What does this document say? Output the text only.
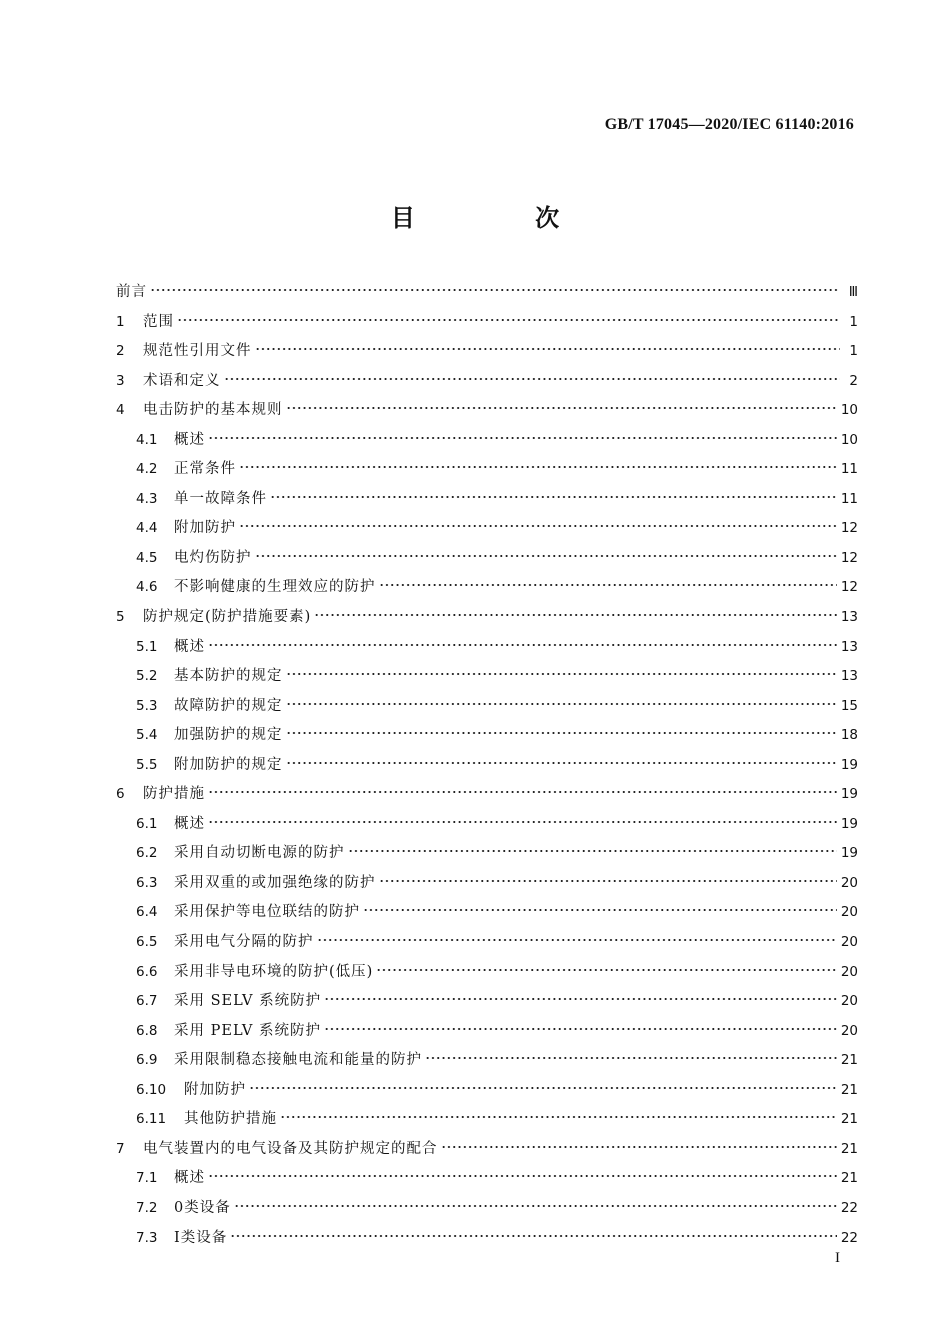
GB/T 17045—2020/IEC 61140:2016
目 次
前言	Ⅲ
1	范围	1
2	规范性引用文件	1
3	术语和定义	2
4	电击防护的基本规则	10
4.1	概述	10
4.2	正常条件	11
4.3	单一故障条件	11
4.4	附加防护	12
4.5	电灼伤防护	12
4.6	不影响健康的生理效应的防护	12
5	防护规定(防护措施要素)	13
5.1	概述	13
5.2	基本防护的规定	13
5.3	故障防护的规定	15
5.4	加强防护的规定	18
5.5	附加防护的规定	19
6	防护措施	19
6.1	概述	19
6.2	采用自动切断电源的防护	19
6.3	采用双重的或加强绝缘的防护	20
6.4	采用保护等电位联结的防护	20
6.5	采用电气分隔的防护	20
6.6	采用非导电环境的防护(低压)	20
6.7	采用 SELV 系统防护	20
6.8	采用 PELV 系统防护	20
6.9	采用限制稳态接触电流和能量的防护	21
6.10	附加防护	21
6.11	其他防护措施	21
7	电气装置内的电气设备及其防护规定的配合	21
7.1	概述	21
7.2	0类设备	22
7.3	Ⅰ类设备	22
I
